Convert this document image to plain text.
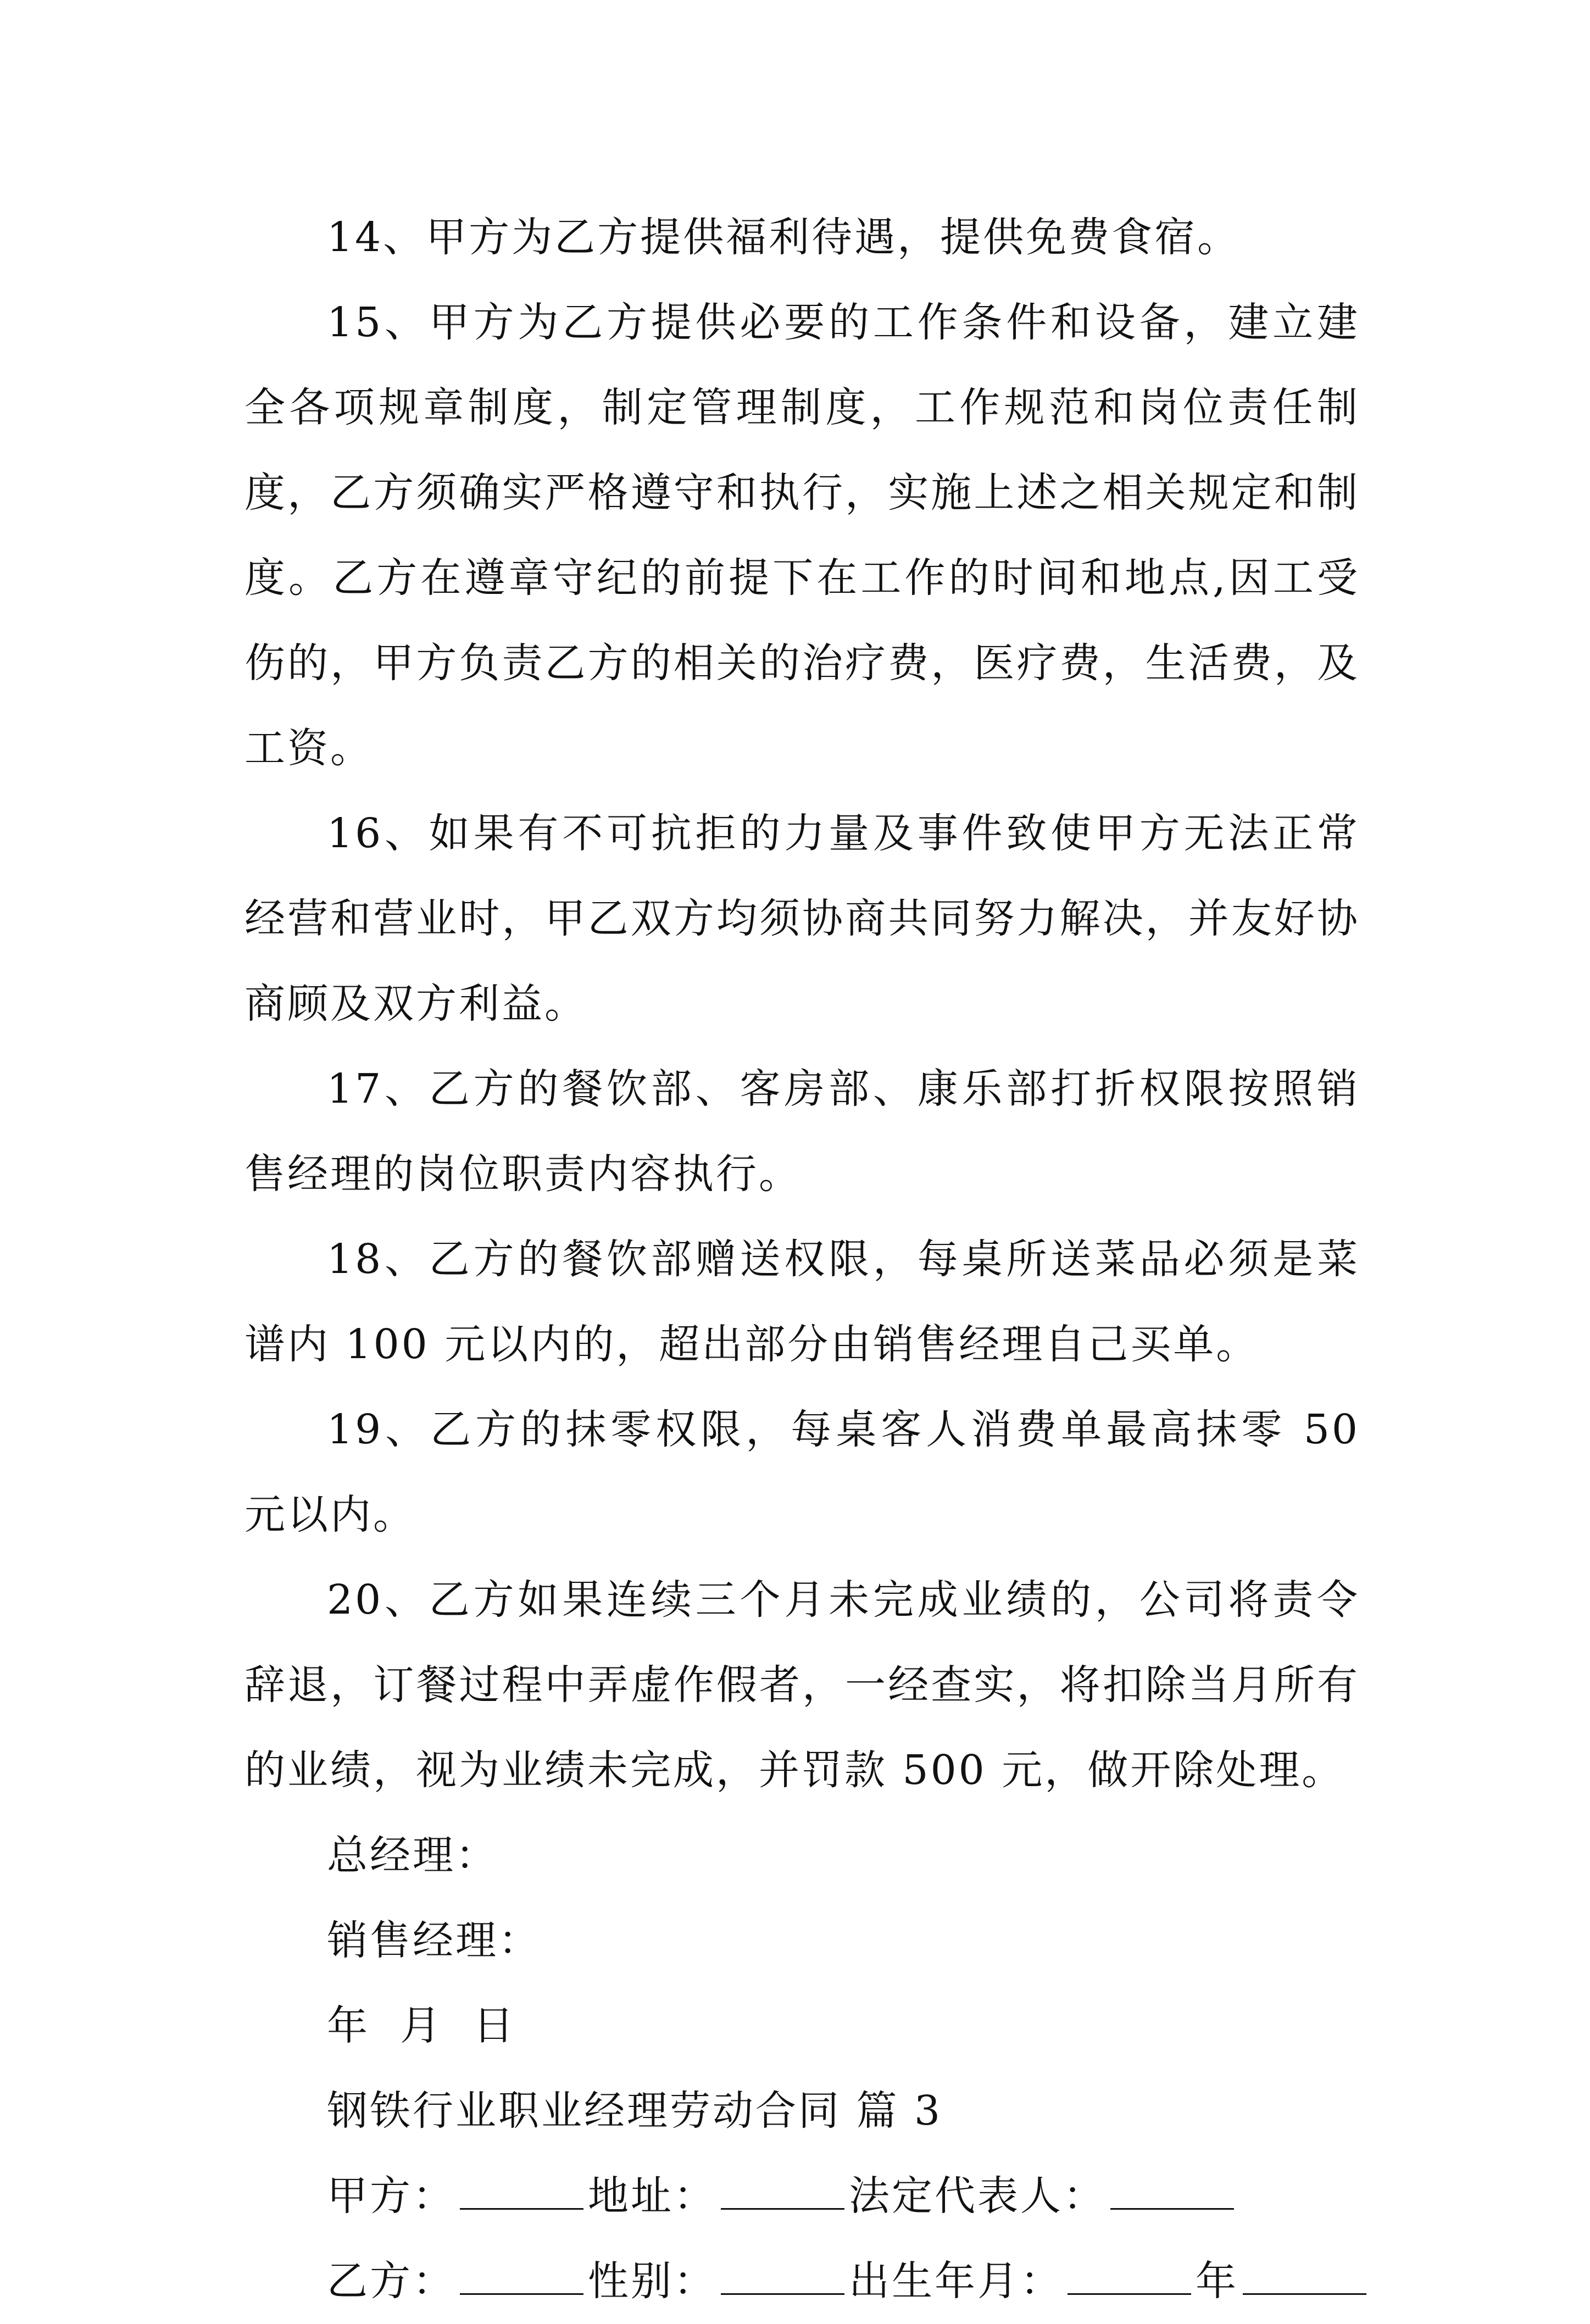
14、甲方为乙方提供福利待遇，提供免费食宿。

15、甲方为乙方提供必要的工作条件和设备，建立建全各项规章制度，制定管理制度，工作规范和岗位责任制度，乙方须确实严格遵守和执行，实施上述之相关规定和制度。乙方在遵章守纪的前提下在工作的时间和地点,因工受伤的，甲方负责乙方的相关的治疗费，医疗费，生活费，及工资。

16、如果有不可抗拒的力量及事件致使甲方无法正常经营和营业时，甲乙双方均须协商共同努力解决，并友好协商顾及双方利益。

17、乙方的餐饮部、客房部、康乐部打折权限按照销售经理的岗位职责内容执行。

18、乙方的餐饮部赠送权限，每桌所送菜品必须是菜谱内 100 元以内的，超出部分由销售经理自己买单。

19、乙方的抹零权限，每桌客人消费单最高抹零 50 元以内。

20、乙方如果连续三个月未完成业绩的，公司将责令辞退，订餐过程中弄虚作假者，一经查实，将扣除当月所有的业绩，视为业绩未完成，并罚款 500 元，做开除处理。

总经理：

销售经理：

年  月  日

钢铁行业职业经理劳动合同 篇 3

甲方：	地址：	法定代表人：

乙方：	性别：	出生年月：	年
